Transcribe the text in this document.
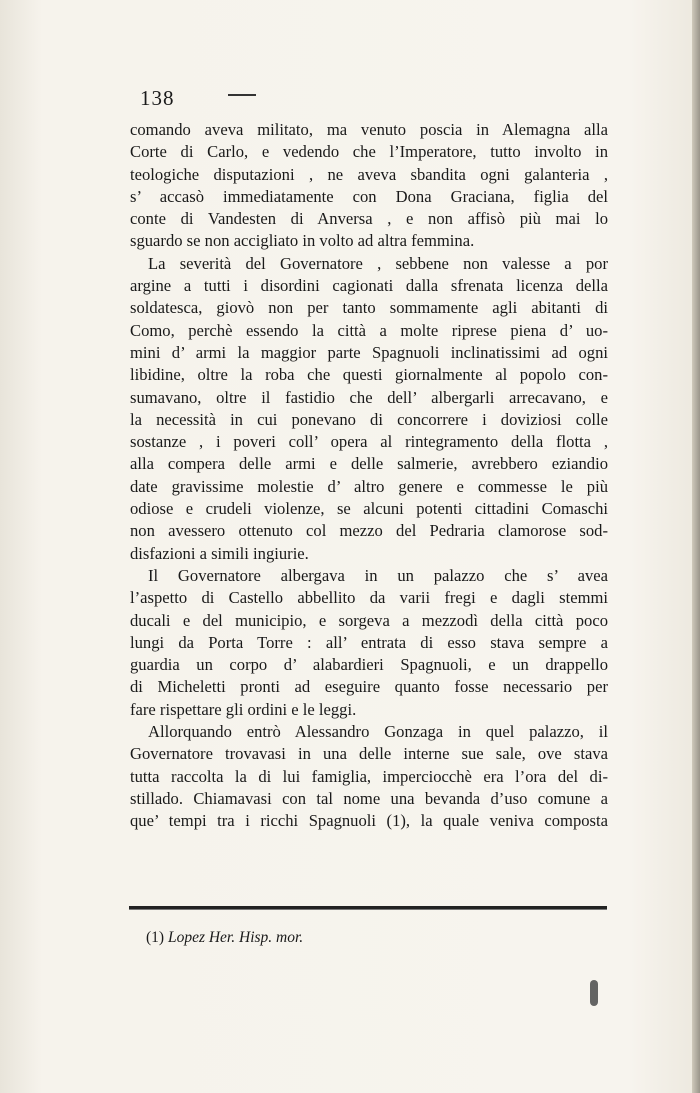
138
comando aveva militato, ma venuto poscia in Alemagna alla
Corte di Carlo, e vedendo che l’Imperatore, tutto involto in
teologiche disputazioni , ne aveva sbandita ogni galanteria ,
s’ accasò immediatamente con Dona Graciana, figlia del
conte di Vandesten di Anversa , e non affisò più mai lo
sguardo se non accigliato in volto ad altra femmina.
La severità del Governatore , sebbene non valesse a por
argine a tutti i disordini cagionati dalla sfrenata licenza della
soldatesca, giovò non per tanto sommamente agli abitanti di
Como, perchè essendo la città a molte riprese piena d’ uo-
mini d’ armi la maggior parte Spagnuoli inclinatissimi ad ogni
libidine, oltre la roba che questi giornalmente al popolo con-
sumavano, oltre il fastidio che dell’ albergarli arrecavano, e
la necessità in cui ponevano di concorrere i doviziosi colle
sostanze , i poveri coll’ opera al rintegramento della flotta ,
alla compera delle armi e delle salmerie, avrebbero eziandio
date gravissime molestie d’ altro genere e commesse le più
odiose e crudeli violenze, se alcuni potenti cittadini Comaschi
non avessero ottenuto col mezzo del Pedraria clamorose sod-
disfazioni a simili ingiurie.
Il Governatore albergava in un palazzo che s’ avea
l’aspetto di Castello abbellito da varii fregi e dagli stemmi
ducali e del municipio, e sorgeva a mezzodì della città poco
lungi da Porta Torre : all’ entrata di esso stava sempre a
guardia un corpo d’ alabardieri Spagnuoli, e un drappello
di Micheletti pronti ad eseguire quanto fosse necessario per
fare rispettare gli ordini e le leggi.
Allorquando entrò Alessandro Gonzaga in quel palazzo, il
Governatore trovavasi in una delle interne sue sale, ove stava
tutta raccolta la di lui famiglia, imperciocchè era l’ora del di-
stillado. Chiamavasi con tal nome una bevanda d’uso comune a
que’ tempi tra i ricchi Spagnuoli (1), la quale veniva composta
(1) Lopez Her. Hisp. mor.
